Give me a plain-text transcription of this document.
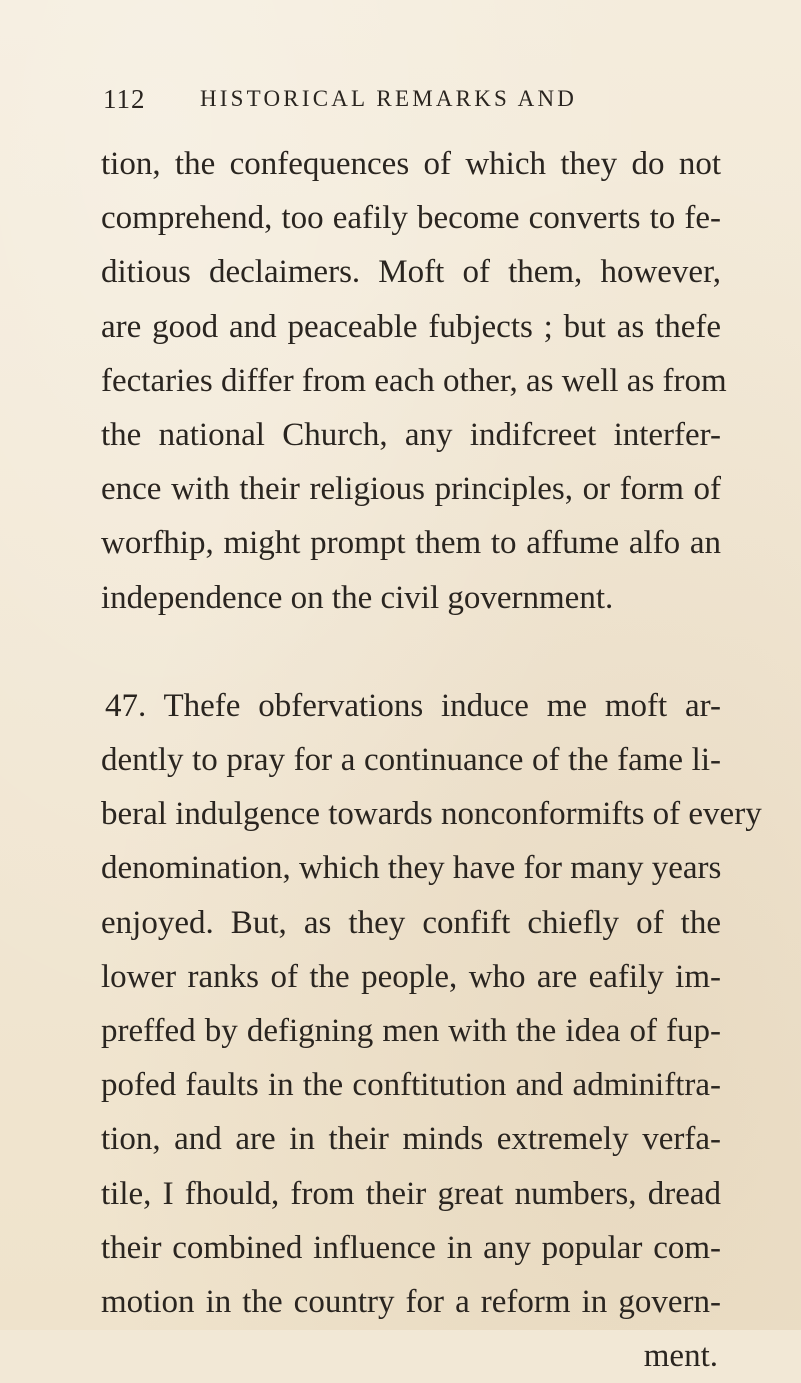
112 HISTORICAL REMARKS AND
tion, the confequences of which they do not
comprehend, too eafily become converts to fe-
ditious declaimers. Moft of them, however,
are good and peaceable fubjects ; but as thefe
fectaries differ from each other, as well as from
the national Church, any indifcreet interfer-
ence with their religious principles, or form of
worfhip, might prompt them to affume alfo an
independence on the civil government.
47. Thefe obfervations induce me moft ar-
dently to pray for a continuance of the fame li-
beral indulgence towards nonconformifts of every
denomination, which they have for many years
enjoyed. But, as they confift chiefly of the
lower ranks of the people, who are eafily im-
preffed by defigning men with the idea of fup-
pofed faults in the conftitution and adminiftra-
tion, and are in their minds extremely verfa-
tile, I fhould, from their great numbers, dread
their combined influence in any popular com-
motion in the country for a reform in govern-
ment.
